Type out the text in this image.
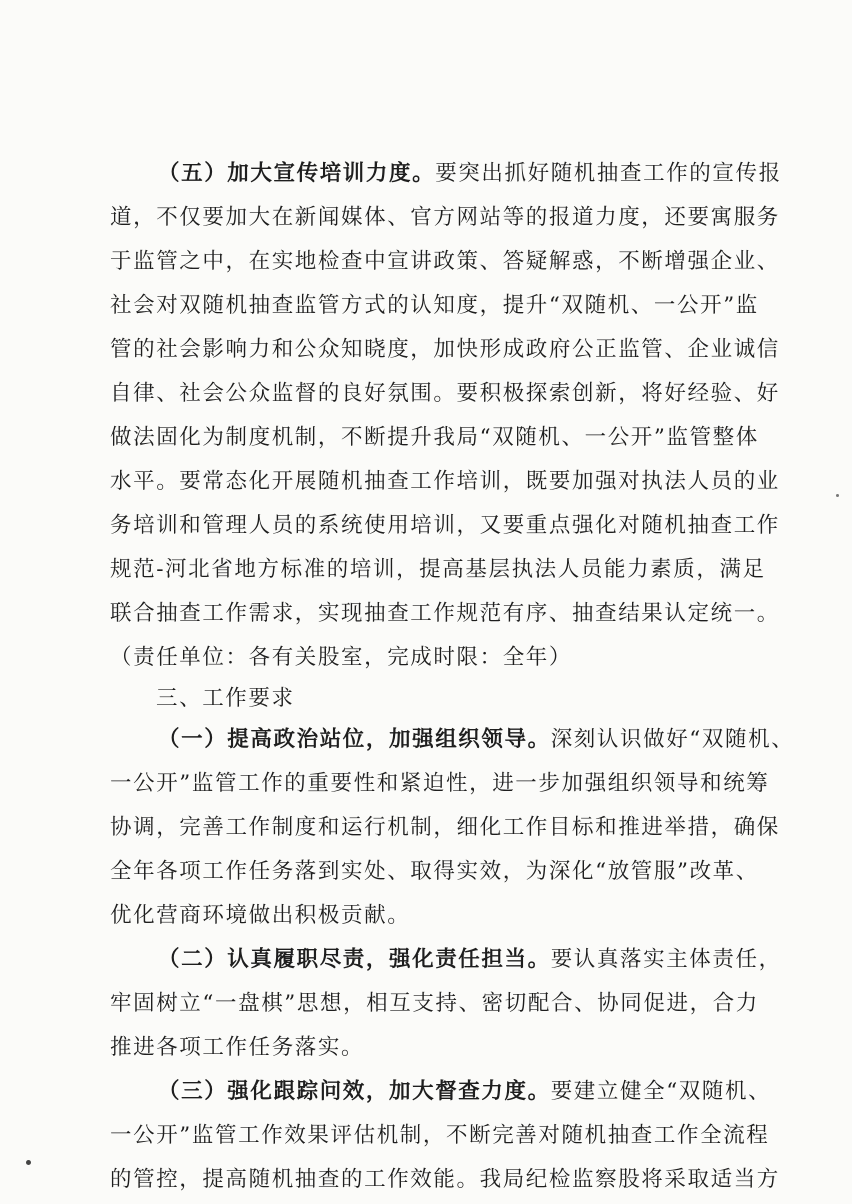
（五）加大宣传培训力度。要突出抓好随机抽查工作的宣传报
道，不仅要加大在新闻媒体、官方网站等的报道力度，还要寓服务
于监管之中，在实地检查中宣讲政策、答疑解惑，不断增强企业、
社会对双随机抽查监管方式的认知度，提升“双随机、一公开”监
管的社会影响力和公众知晓度，加快形成政府公正监管、企业诚信
自律、社会公众监督的良好氛围。要积极探索创新，将好经验、好
做法固化为制度机制，不断提升我局“双随机、一公开”监管整体
水平。要常态化开展随机抽查工作培训，既要加强对执法人员的业
务培训和管理人员的系统使用培训，又要重点强化对随机抽查工作
规范-河北省地方标准的培训，提高基层执法人员能力素质，满足
联合抽查工作需求，实现抽查工作规范有序、抽查结果认定统一。
（责任单位：各有关股室，完成时限：全年）
三、工作要求
（一）提高政治站位，加强组织领导。深刻认识做好“双随机、
一公开”监管工作的重要性和紧迫性，进一步加强组织领导和统筹
协调，完善工作制度和运行机制，细化工作目标和推进举措，确保
全年各项工作任务落到实处、取得实效，为深化“放管服”改革、
优化营商环境做出积极贡献。
（二）认真履职尽责，强化责任担当。要认真落实主体责任，
牢固树立“一盘棋”思想，相互支持、密切配合、协同促进，合力
推进各项工作任务落实。
（三）强化跟踪问效，加大督查力度。要建立健全“双随机、
一公开”监管工作效果评估机制，不断完善对随机抽查工作全流程
的管控，提高随机抽查的工作效能。我局纪检监察股将采取适当方
